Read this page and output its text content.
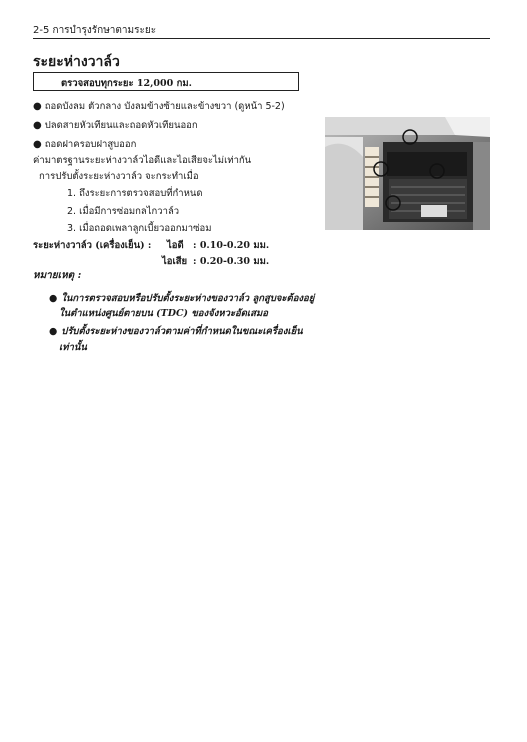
2-5 การบำรุงรักษาตามระยะ
ระยะห่างวาล์ว
ตรวจสอบทุกระยะ 12,000 กม.
● ถอดบังลม ตัวกลาง บังลมข้างซ้ายและข้างขวา (ดูหน้า 5-2)
● ปลดสายหัวเทียนและถอดหัวเทียนออก
● ถอดฝาครอบฝาสูบออก
ค่ามาตรฐานระยะห่างวาล์วไอดีและไอเสียจะไม่เท่ากัน
การปรับตั้งระยะห่างวาล์ว จะกระทำเมื่อ
1. ถึงระยะการตรวจสอบที่กำหนด
2. เมื่อมีการซ่อมกลไกวาล์ว
3. เมื่อถอดเพลาลูกเบี้ยวออกมาซ่อม
ระยะห่างวาล์ว (เครื่องเย็น) : ไอดี : 0.10-0.20 มม.
ไอเสีย : 0.20-0.30 มม.
หมายเหตุ :
● ในการตรวจสอบหรือปรับตั้งระยะห่างของวาล์ว ลูกสูบจะต้องอยู่
ในตำแหน่งศูนย์ตายบน (TDC) ของจังหวะอัดเสมอ
● ปรับตั้งระยะห่างของวาล์วตามค่าที่กำหนดในขณะเครื่องเย็น
เท่านั้น
